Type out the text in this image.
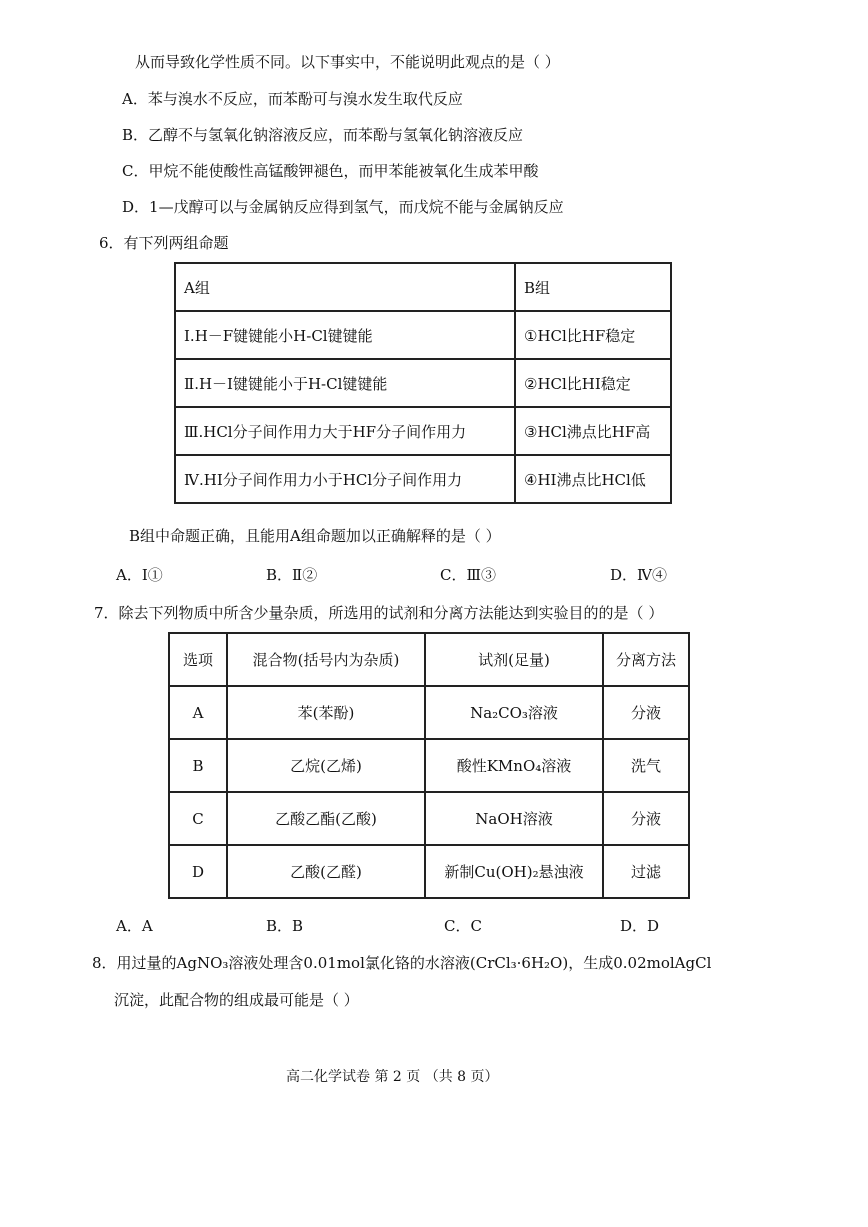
从而导致化学性质不同。以下事实中，不能说明此观点的是（ ）
A．苯与溴水不反应，而苯酚可与溴水发生取代反应
B．乙醇不与氢氧化钠溶液反应，而苯酚与氢氧化钠溶液反应
C．甲烷不能使酸性高锰酸钾褪色，而甲苯能被氧化生成苯甲酸
D．1—戊醇可以与金属钠反应得到氢气，而戊烷不能与金属钠反应
6．有下列两组命题
A组	B组
Ⅰ.H－F键键能小H-Cl键键能	①HCl比HF稳定
Ⅱ.H－I键键能小于H-Cl键键能	②HCl比HI稳定
Ⅲ.HCl分子间作用力大于HF分子间作用力	③HCl沸点比HF高
Ⅳ.HI分子间作用力小于HCl分子间作用力	④HI沸点比HCl低
B组中命题正确，且能用A组命题加以正确解释的是（ ）
A．Ⅰ①	B．Ⅱ②	C．Ⅲ③	D．Ⅳ④
7．除去下列物质中所含少量杂质，所选用的试剂和分离方法能达到实验目的的是（ ）
选项	混合物(括号内为杂质)	试剂(足量)	分离方法
A	苯(苯酚)	Na₂CO₃溶液	分液
B	乙烷(乙烯)	酸性KMnO₄溶液	洗气
C	乙酸乙酯(乙酸)	NaOH溶液	分液
D	乙酸(乙醛)	新制Cu(OH)₂悬浊液	过滤
A．A	B．B	C．C	D．D
8．用过量的AgNO₃溶液处理含0.01mol氯化铬的水溶液(CrCl₃·6H₂O)，生成0.02molAgCl
沉淀，此配合物的组成最可能是（ ）
高二化学试卷 第 2 页 （共 8 页）
